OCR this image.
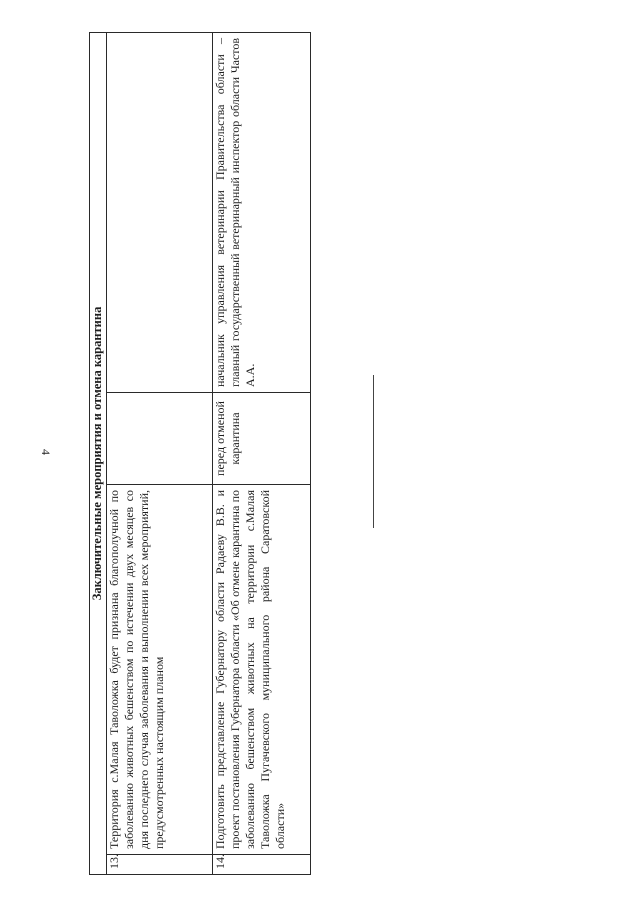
4	Заключительные мероприятия и отмена карантина			
13.	Территория с.Малая Таволожка будет признана благополучной по заболеванию животных бешенством по истечении двух месяцев со дня последнего случая заболевания и выполнении всех мероприятий, предусмотренных настоящим планом		
14.	Подготовить представление Губернатору области Радаеву В.В. и проект постановления Губернатора области «Об отмене карантина по заболеванию бешенством животных на территории с.Малая Таволожка Пугачевского муниципального района Саратовской области»	перед отменой карантина	начальник управления ветеринарии Правительства области – главный государственный ветеринарный инспектор области Частов А.А.
